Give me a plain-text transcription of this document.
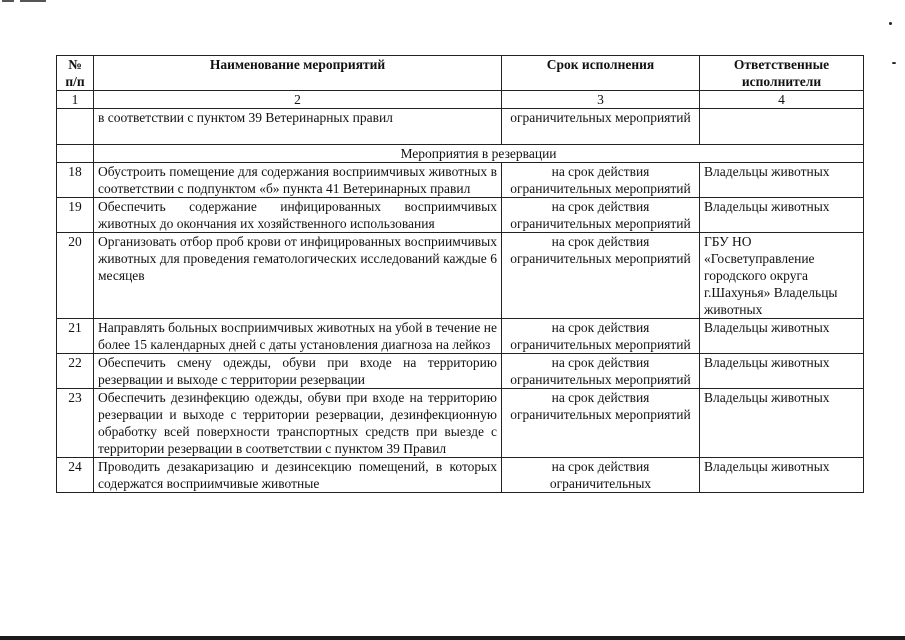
№ п/п	Наименование мероприятий	Срок исполнения	Ответственные исполнители
1	2	3	4
	в соответствии с пунктом 39 Ветеринарных правил	ограничительных мероприятий	
	Мероприятия в резервации		
18	Обустроить помещение для содержания восприимчивых животных в соответствии с подпунктом «б» пункта 41 Ветеринарных правил	на срок действия ограничительных мероприятий	Владельцы животных
19	Обеспечить содержание инфицированных восприимчивых животных до окончания их хозяйственного использования	на срок действия ограничительных мероприятий	Владельцы животных
20	Организовать отбор проб крови от инфицированных восприимчивых животных для проведения гематологических исследований каждые 6 месяцев	на срок действия ограничительных мероприятий	ГБУ НО «Госветуправление городского округа г.Шахунья» Владельцы животных
21	Направлять больных восприимчивых животных на убой в течение не более 15 календарных дней с даты установления диагноза на лейкоз	на срок действия ограничительных мероприятий	Владельцы животных
22	Обеспечить смену одежды, обуви при входе на территорию резервации и выходе с территории резервации	на срок действия ограничительных мероприятий	Владельцы животных
23	Обеспечить дезинфекцию одежды, обуви при входе на территорию резервации и выходе с территории резервации, дезинфекционную обработку всей поверхности транспортных средств при выезде с территории резервации в соответствии с пунктом 39 Правил	на срок действия ограничительных мероприятий	Владельцы животных
24	Проводить дезакаризацию и дезинсекцию помещений, в которых содержатся восприимчивые животные	на срок действия ограничительных	Владельцы животных
